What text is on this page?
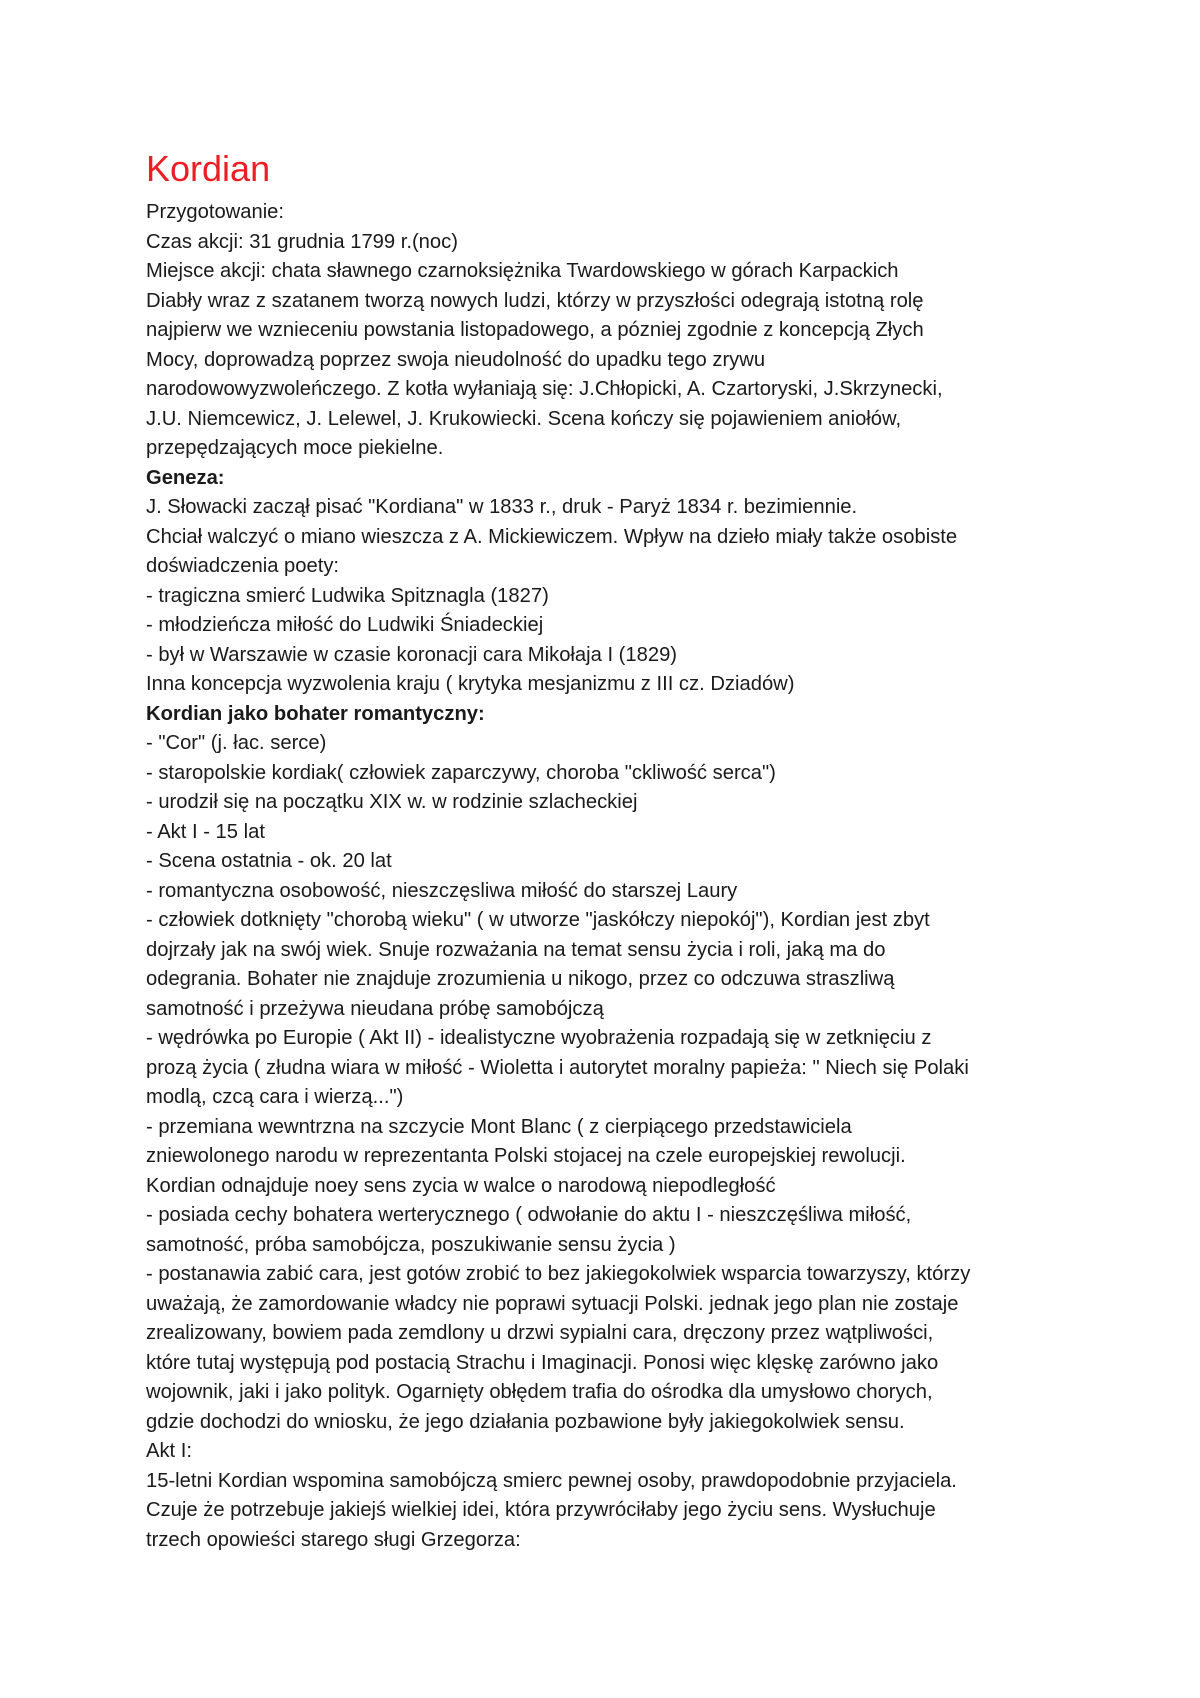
Kordian
Przygotowanie:
Czas akcji: 31 grudnia 1799 r.(noc)
Miejsce akcji: chata sławnego czarnoksiężnika Twardowskiego w górach Karpackich
Diabły wraz z szatanem tworzą nowych ludzi, którzy w przyszłości odegrają istotną rolę
najpierw we wznieceniu powstania listopadowego, a pózniej zgodnie z koncepcją Złych
Mocy, doprowadzą poprzez swoja nieudolność do upadku tego zrywu
narodowowyzwoleńczego. Z kotła wyłaniają się: J.Chłopicki, A. Czartoryski, J.Skrzynecki,
J.U. Niemcewicz, J. Lelewel, J. Krukowiecki. Scena kończy się pojawieniem aniołów,
przepędzających moce piekielne.
Geneza:
J. Słowacki zaczął pisać "Kordiana" w 1833 r., druk - Paryż 1834 r. bezimiennie.
Chciał walczyć o miano wieszcza z A. Mickiewiczem. Wpływ na dzieło miały także osobiste
doświadczenia poety:
- tragiczna smierć Ludwika Spitznagla (1827)
- młodzieńcza miłość do Ludwiki Śniadeckiej
- był w Warszawie w czasie koronacji cara Mikołaja I (1829)
Inna koncepcja wyzwolenia kraju ( krytyka mesjanizmu z III cz. Dziadów)
Kordian jako bohater romantyczny:
- "Cor" (j. łac. serce)
- staropolskie kordiak( człowiek zaparczywy, choroba "ckliwość serca")
- urodził się na początku XIX w. w rodzinie szlacheckiej
- Akt I - 15 lat
- Scena ostatnia - ok. 20 lat
- romantyczna osobowość, nieszczęsliwa miłość do starszej Laury
- człowiek dotknięty "chorobą wieku" ( w utworze "jaskółczy niepokój"), Kordian jest zbyt
dojrzały jak na swój wiek. Snuje rozważania na temat sensu życia i roli, jaką ma do
odegrania. Bohater nie znajduje zrozumienia u nikogo, przez co odczuwa straszliwą
samotność i przeżywa nieudana próbę samobójczą
- wędrówka po Europie ( Akt II) - idealistyczne wyobrażenia rozpadają się w zetknięciu z
prozą życia ( złudna wiara w miłość - Wioletta i autorytet moralny papieża: " Niech się Polaki
modlą, czcą cara i wierzą...")
- przemiana wewntrzna na szczycie Mont Blanc ( z cierpiącego przedstawiciela
zniewolonego narodu w reprezentanta Polski stojacej na czele europejskiej rewolucji.
Kordian odnajduje noey sens zycia w walce o narodową niepodległość
- posiada cechy bohatera werterycznego ( odwołanie do aktu I - nieszczęśliwa miłość,
samotność, próba samobójcza, poszukiwanie sensu życia )
- postanawia zabić cara, jest gotów zrobić to bez jakiegokolwiek wsparcia towarzyszy, którzy
uważają, że zamordowanie władcy nie poprawi sytuacji Polski. jednak jego plan nie zostaje
zrealizowany, bowiem pada zemdlony u drzwi sypialni cara, dręczony przez wątpliwości,
które tutaj występują pod postacią Strachu i Imaginacji. Ponosi więc klęskę zarówno jako
wojownik, jaki i jako polityk. Ogarnięty obłędem trafia do ośrodka dla umysłowo chorych,
gdzie dochodzi do wniosku, że jego działania pozbawione były jakiegokolwiek sensu.
Akt I:
15-letni Kordian wspomina samobójczą smierc pewnej osoby, prawdopodobnie przyjaciela.
Czuje że potrzebuje jakiejś wielkiej idei, która przywróciłaby jego życiu sens. Wysłuchuje
trzech opowieści starego sługi Grzegorza:
